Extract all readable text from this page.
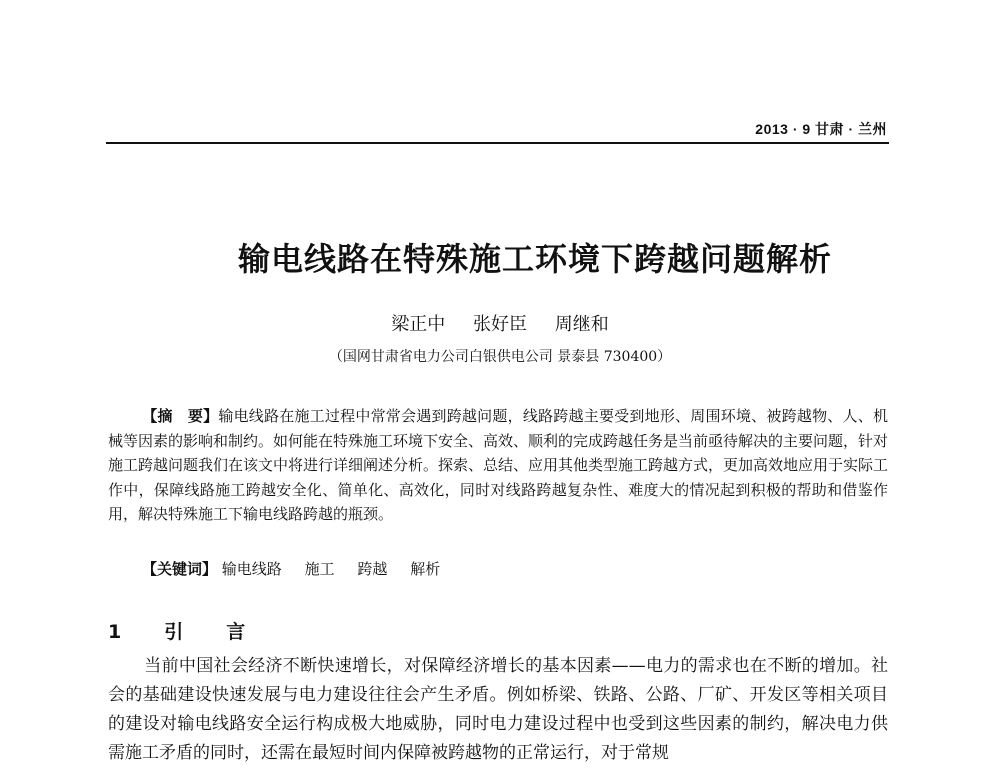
2013 · 9 甘肃 · 兰州
输电线路在特殊施工环境下跨越问题解析
梁正中 张好臣 周继和
（国网甘肃省电力公司白银供电公司 景泰县 730400）
【摘　要】输电线路在施工过程中常常会遇到跨越问题，线路跨越主要受到地形、周围环境、被跨越物、人、机械等因素的影响和制约。如何能在特殊施工环境下安全、高效、顺利的完成跨越任务是当前亟待解决的主要问题，针对施工跨越问题我们在该文中将进行详细阐述分析。探索、总结、应用其他类型施工跨越方式，更加高效地应用于实际工作中，保障线路施工跨越安全化、简单化、高效化，同时对线路跨越复杂性、难度大的情况起到积极的帮助和借鉴作用，解决特殊施工下输电线路跨越的瓶颈。
【关键词】 输电线路 施工 跨越 解析
1　引　言
当前中国社会经济不断快速增长，对保障经济增长的基本因素——电力的需求也在不断的增加。社会的基础建设快速发展与电力建设往往会产生矛盾。例如桥梁、铁路、公路、厂矿、开发区等相关项目的建设对输电线路安全运行构成极大地威胁，同时电力建设过程中也受到这些因素的制约，解决电力供需施工矛盾的同时，还需在最短时间内保障被跨越物的正常运行，对于常规
